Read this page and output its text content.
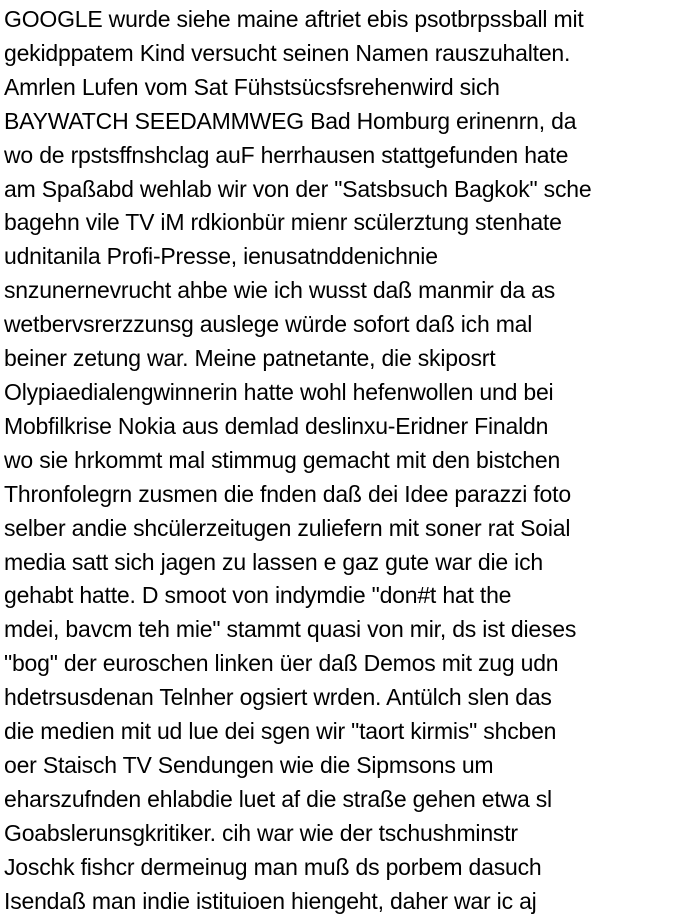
GOOGLE wurde siehe maine aftriet ebis psotbrpssball mit
gekidppatem Kind versucht seinen Namen rauszuhalten.
Amrlen Lufen vom Sat Fühstsücsfsrehenwird sich
BAYWATCH SEEDAMMWEG Bad Homburg erinenrn, da
wo de rpstsffnshclag auF herrhausen stattgefunden hate
am Spaßabd wehlab wir von der "Satsbsuch Bagkok" sche
bagehn vile TV iM rdkionbür mienr scülerztung stenhate
udnitanila Profi-Presse, ienusatnddenichnie
snzunernevrucht ahbe wie ich wusst daß manmir da as
wetbervsrerzzunsg auslege würde sofort daß ich mal
beiner zetung war. Meine patnetante, die skiposrt
Olypiaedialengwinnerin hatte wohl hefenwollen und bei
Mobfilkrise Nokia aus demlad deslinxu-Eridner Finaldn
wo sie hrkommt mal stimmug gemacht mit den bistchen
Thronfolegrn zusmen die fnden daß dei Idee parazzi foto
selber andie shcülerzeitugen zuliefern mit soner rat Soial
media satt sich jagen zu lassen e gaz gute war die ich
gehabt hatte. D smoot von indymdie "don#t hat the
mdei, bavcm teh mie" stammt quasi von mir, ds ist dieses
"bog" der euroschen linken üer daß Demos mit zug udn
hdetrsusdenan Telnher ogsiert wrden. Antülch slen das
die medien mit ud lue dei sgen wir "taort kirmis" shcben
oer Staisch TV Sendungen wie die Sipmsons um
eharszufnden ehlabdie luet af die straße gehen etwa sl
Goabslerunsgkritiker. cih war wie der tschushminstr
Joschk fishcr dermeinug man muß ds porbem dasuch
Isendaß man indie istituioen hiengeht, daher war ic aj
